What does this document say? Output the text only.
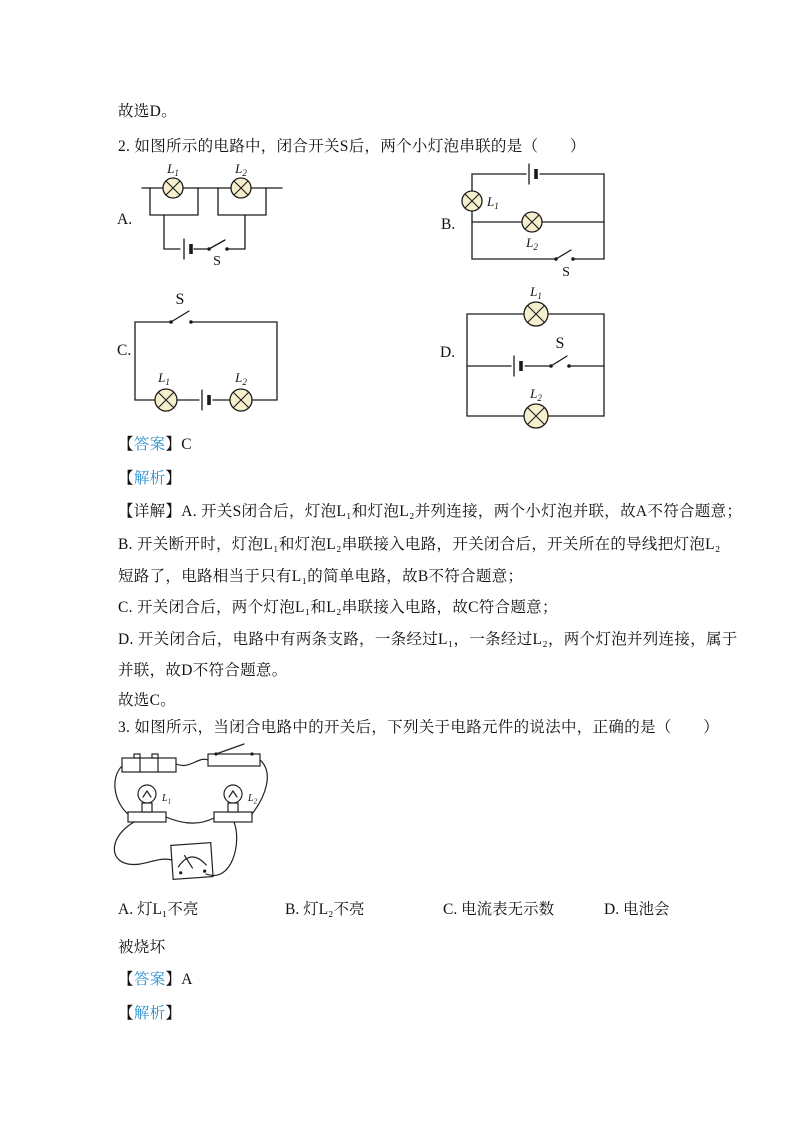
故选D。
2. 如图所示的电路中，闭合开关S后，两个小灯泡串联的是（　　）
A.
$L_1$	$L_2$
S
B.
$L_1$
$L_2$
S
C.
S
$L_1$	$L_2$
D.
$L_1$
S
$L_2$
【答案】C
【解析】
【详解】A. 开关S闭合后，灯泡L₁和灯泡L₂并列连接，两个小灯泡并联，故A不符合题意；
B. 开关断开时，灯泡L₁和灯泡L₂串联接入电路，开关闭合后，开关所在的导线把灯泡L₂
短路了，电路相当于只有L₁的简单电路，故B不符合题意；
C. 开关闭合后，两个灯泡L₁和L₂串联接入电路，故C符合题意；
D. 开关闭合后，电路中有两条支路，一条经过L₁，一条经过L₂，两个灯泡并列连接，属于
并联，故D不符合题意。
故选C。
3. 如图所示，当闭合电路中的开关后，下列关于电路元件的说法中，正确的是（　　）
$L_1$	$L_2$
A. 灯L₁不亮	B. 灯L₂不亮	C. 电流表无示数	D. 电池会
被烧坏
【答案】A
【解析】
